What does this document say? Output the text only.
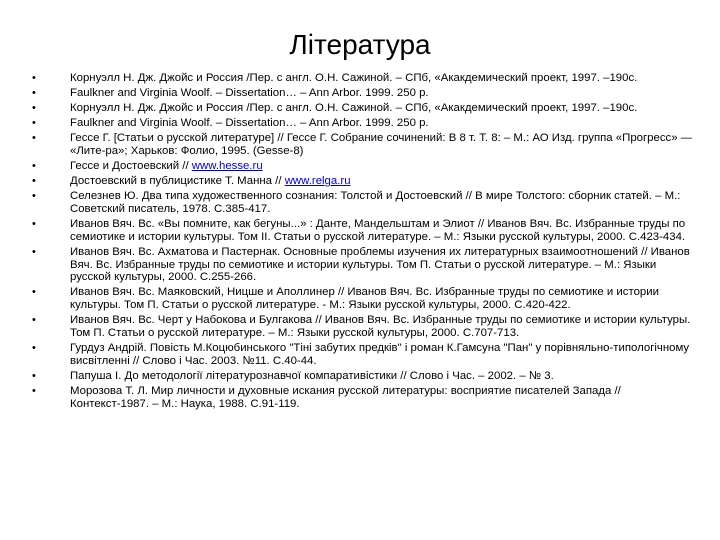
Література
•	Корнуэлл Н. Дж. Джойс и Россия /Пер. с англ. О.Н. Сажиной. – СПб, «Акакдемический проект, 1997. –190с.
•	Faulkner and Virginia Woolf. – Dissertation… – Ann Arbor. 1999. 250 p.
•	Корнуэлл Н. Дж. Джойс и Россия /Пер. с англ. О.Н. Сажиной. – СПб, «Акакдемический проект, 1997. –190с.
•	Faulkner and Virginia Woolf. – Dissertation… – Ann Arbor. 1999. 250 p.
•	Гессе Г. [Статьи о русской литературе] // Гессе Г. Собрание сочинений: В 8 т. Т. 8: – М.: АО Изд. группа «Прогресс» — «Лите-ра»; Харьков: Фолио, 1995. (Gesse-8)
•	Гессе и Достоевский // www.hesse.ru
•	Достоевский в публицистике Т. Манна // www.relga.ru
•	Селезнев Ю. Два типа художественного сознания: Толстой и Достоевский // В мире Толстого: сборник статей. – М.: Советский писатель, 1978. С.385-417.
•	Иванов Вяч. Вс. «Вы помните, как бегуны...» : Данте, Мандельштам и Элиот // Иванов Вяч. Вс. Избранные труды по семиотике и истории культуры. Том II. Статьи о русской литературе. – М.: Языки русской культуры, 2000. С.423-434.
•	Иванов Вяч. Вс. Ахматова и Пастернак. Основные проблемы изучения их литературных взаимоотношений // Иванов Вяч. Вс. Избранные труды по семиотике и истории культуры. Том П. Статьи о русской литературе. – М.: Языки русской культуры, 2000. С.255-266.
•	Иванов Вяч. Вс. Маяковский, Ницше и Аполлинер // Иванов Вяч. Вс. Избранные труды по семиотике и истории культуры. Том П. Статьи о русской литературе. - М.: Языки русской культуры, 2000. С.420-422.
•	Иванов Вяч. Вс. Черт у Набокова и Булгакова // Иванов Вяч. Вс. Избранные труды по семиотике и истории культуры. Том П. Статьи о русской литературе. – М.: Языки русской культуры, 2000. С.707-713.
•	Гурдуз Андрій. Повість М.Коцюбинського "Тіні забутих предків" і роман К.Гамсуна "Пан" у порівняльно-типологічному висвітленні // Слово і Час. 2003. №11. С.40-44.
•	Папуша І. До методології літературознавчої компаративістики // Слово і Час. – 2002. – № 3.
•	Морозова Т. Л. Мир личности и духовные искания русской литературы: восприятие писателей Запада // Контекст-1987. – М.: Наука, 1988. С.91-119.
